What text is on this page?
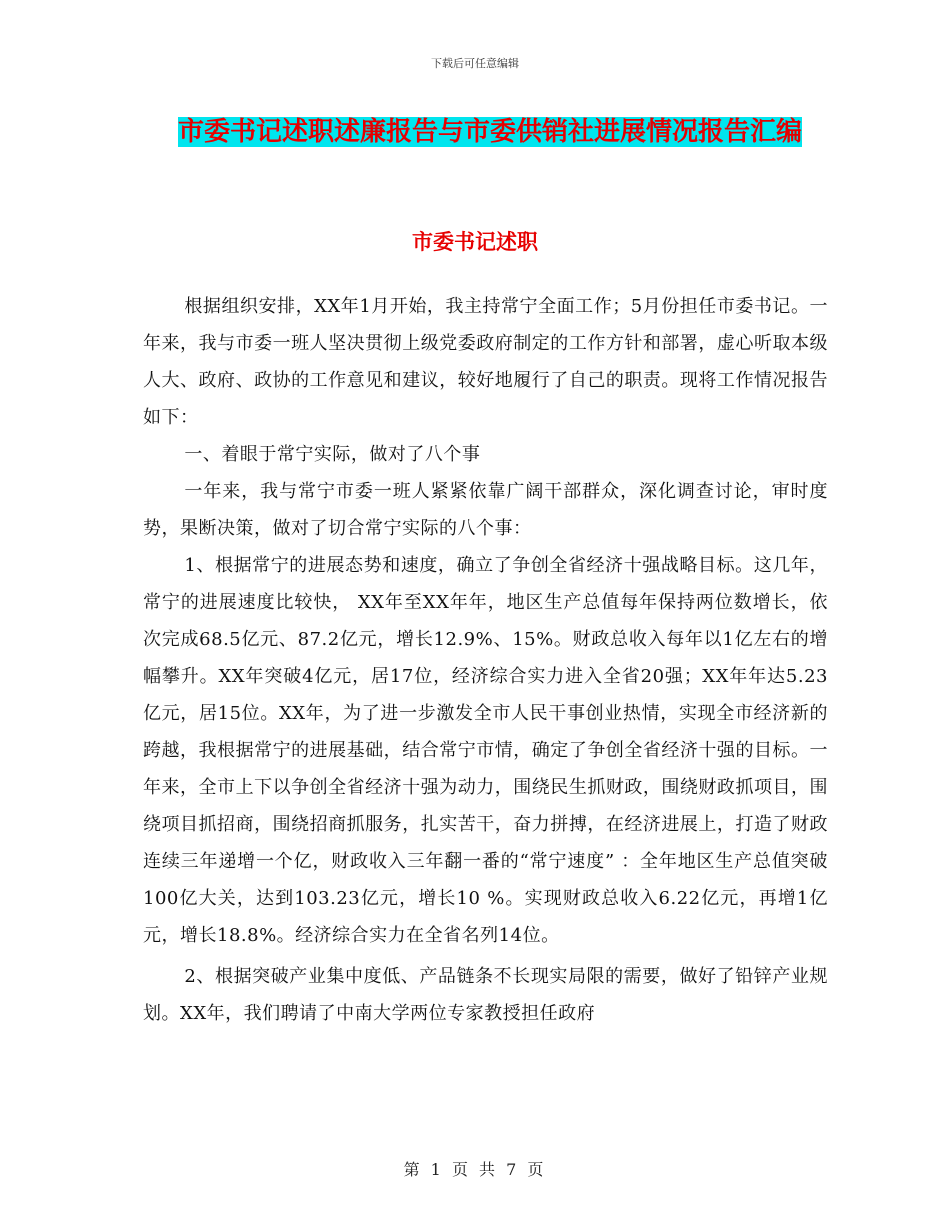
下载后可任意编辑
市委书记述职述廉报告与市委供销社进展情况报告汇编
市委书记述职

根据组织安排，XX年1月开始，我主持常宁全面工作；5月份担任市委书记。一年来，我与市委一班人坚决贯彻上级党委政府制定的工作方针和部署，虚心听取本级人大、政府、政协的工作意见和建议，较好地履行了自己的职责。现将工作情况报告如下：

一、着眼于常宁实际，做对了八个事

一年来，我与常宁市委一班人紧紧依靠广阔干部群众，深化调查讨论，审时度势，果断决策，做对了切合常宁实际的八个事：

1、根据常宁的进展态势和速度，确立了争创全省经济十强战略目标。这几年，常宁的进展速度比较快， XX年至XX年年，地区生产总值每年保持两位数增长，依次完成68.5亿元、87.2亿元，增长12.9%、15%。财政总收入每年以1亿左右的增幅攀升。XX年突破4亿元，居17位，经济综合实力进入全省20强；XX年年达5.23亿元，居15位。XX年，为了进一步激发全市人民干事创业热情，实现全市经济新的跨越，我根据常宁的进展基础，结合常宁市情，确定了争创全省经济十强的目标。一年来，全市上下以争创全省经济十强为动力，围绕民生抓财政，围绕财政抓项目，围绕项目抓招商，围绕招商抓服务，扎实苦干，奋力拼搏，在经济进展上，打造了财政连续三年递增一个亿，财政收入三年翻一番的“常宁速度” ：全年地区生产总值突破100亿大关，达到103.23亿元，增长10 %。实现财政总收入6.22亿元，再增1亿元，增长18.8%。经济综合实力在全省名列14位。

2、根据突破产业集中度低、产品链条不长现实局限的需要，做好了铅锌产业规划。XX年，我们聘请了中南大学两位专家教授担任政府

第 1 页 共 7 页
